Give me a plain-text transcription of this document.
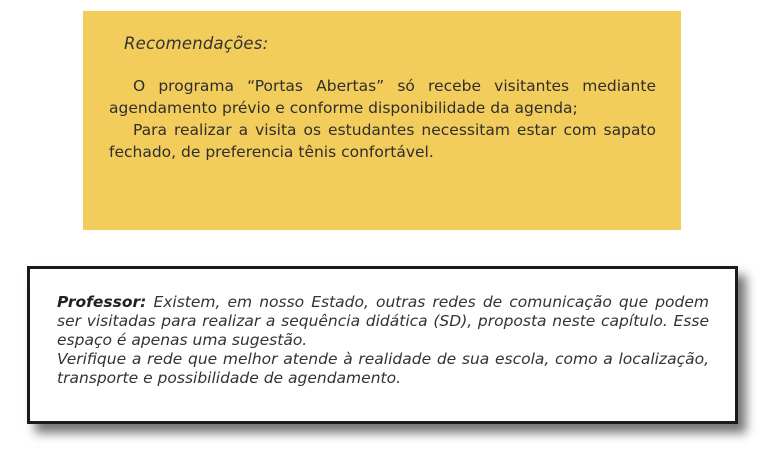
Recomendações:

O programa “Portas Abertas” só recebe visitantes mediante agendamento prévio e conforme disponibilidade da agenda;

Para realizar a visita os estudantes necessitam estar com sapato fechado, de preferencia tênis confortável.

Professor: Existem, em nosso Estado, outras redes de comunicação que podem ser visitadas para realizar a sequência didática (SD), proposta neste capítulo. Esse espaço é apenas uma sugestão.

Verifique a rede que melhor atende à realidade de sua escola, como a localização, transporte e possibilidade de agendamento.
